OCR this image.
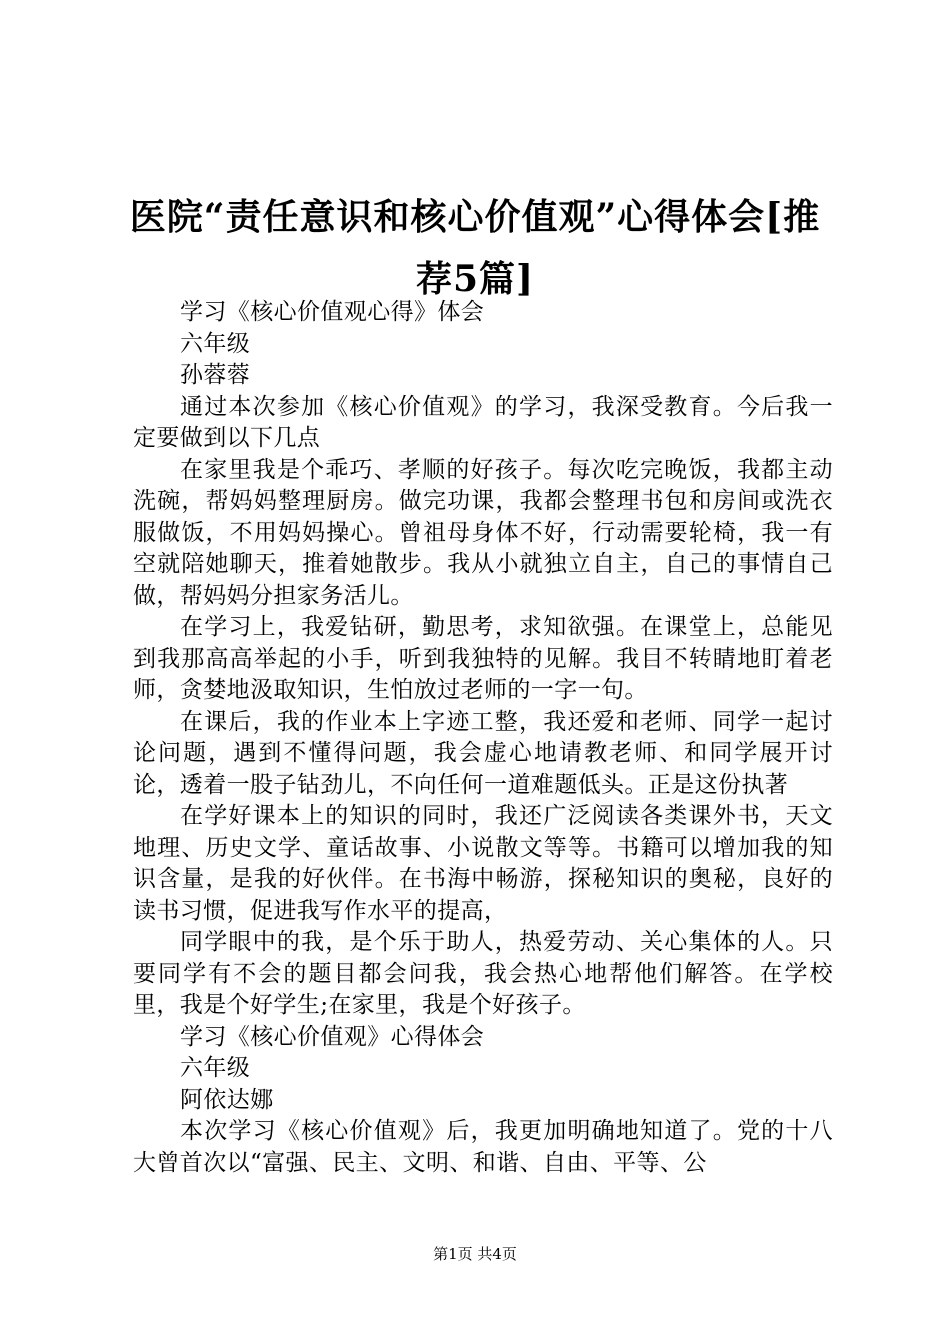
医院“责任意识和核心价值观”心得体会[推荐5篇]

学习《核心价值观心得》体会

六年级

孙蓉蓉

通过本次参加《核心价值观》的学习，我深受教育。今后我一定要做到以下几点

在家里我是个乖巧、孝顺的好孩子。每次吃完晚饭，我都主动洗碗，帮妈妈整理厨房。做完功课，我都会整理书包和房间或洗衣服做饭，不用妈妈操心。曾祖母身体不好，行动需要轮椅，我一有空就陪她聊天，推着她散步。我从小就独立自主，自己的事情自己做，帮妈妈分担家务活儿。

在学习上，我爱钻研，勤思考，求知欲强。在课堂上，总能见到我那高高举起的小手，听到我独特的见解。我目不转睛地盯着老师，贪婪地汲取知识，生怕放过老师的一字一句。

在课后，我的作业本上字迹工整，我还爱和老师、同学一起讨论问题，遇到不懂得问题，我会虚心地请教老师、和同学展开讨论，透着一股子钻劲儿，不向任何一道难题低头。正是这份执著

在学好课本上的知识的同时，我还广泛阅读各类课外书，天文地理、历史文学、童话故事、小说散文等等。书籍可以增加我的知识含量，是我的好伙伴。在书海中畅游，探秘知识的奥秘，良好的读书习惯，促进我写作水平的提高，

同学眼中的我，是个乐于助人，热爱劳动、关心集体的人。只要同学有不会的题目都会问我，我会热心地帮他们解答。在学校里，我是个好学生;在家里，我是个好孩子。

学习《核心价值观》心得体会

六年级

阿依达娜

本次学习《核心价值观》后，我更加明确地知道了。党的十八大曾首次以“富强、民主、文明、和谐、自由、平等、公

第1页 共4页
